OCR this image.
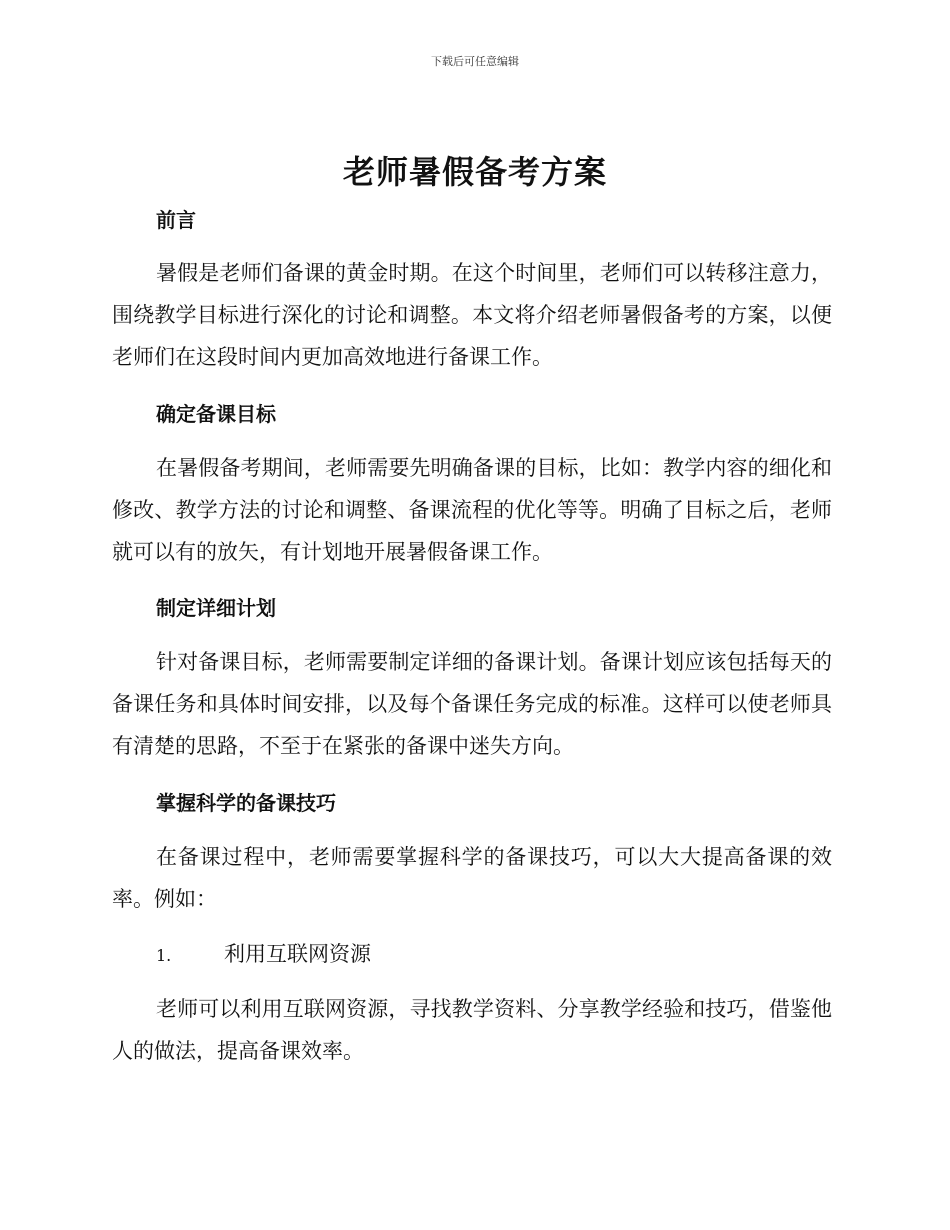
下载后可任意编辑
老师暑假备考方案
前言

暑假是老师们备课的黄金时期。在这个时间里，老师们可以转移注意力，围绕教学目标进行深化的讨论和调整。本文将介绍老师暑假备考的方案，以便老师们在这段时间内更加高效地进行备课工作。

确定备课目标

在暑假备考期间，老师需要先明确备课的目标，比如：教学内容的细化和修改、教学方法的讨论和调整、备课流程的优化等等。明确了目标之后，老师就可以有的放矢，有计划地开展暑假备课工作。

制定详细计划

针对备课目标，老师需要制定详细的备课计划。备课计划应该包括每天的备课任务和具体时间安排，以及每个备课任务完成的标准。这样可以使老师具有清楚的思路，不至于在紧张的备课中迷失方向。

掌握科学的备课技巧

在备课过程中，老师需要掌握科学的备课技巧，可以大大提高备课的效率。例如：

1.	利用互联网资源

老师可以利用互联网资源，寻找教学资料、分享教学经验和技巧，借鉴他人的做法，提高备课效率。
